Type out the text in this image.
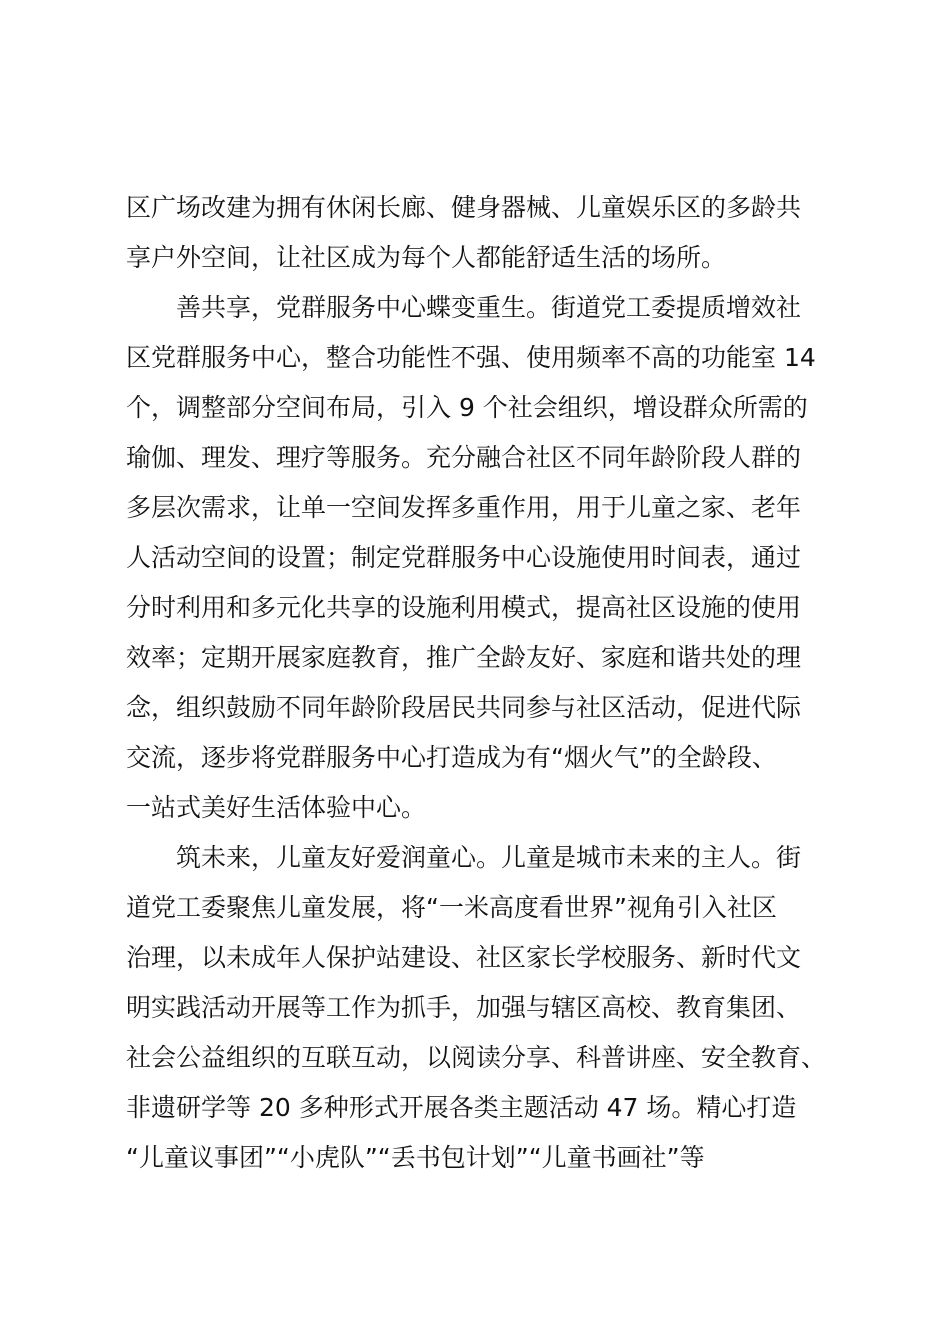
区广场改建为拥有休闲长廊、健身器械、儿童娱乐区的多龄共
享户外空间，让社区成为每个人都能舒适生活的场所。
善共享，党群服务中心蝶变重生。街道党工委提质增效社
区党群服务中心，整合功能性不强、使用频率不高的功能室 14
个，调整部分空间布局，引入 9 个社会组织，增设群众所需的
瑜伽、理发、理疗等服务。充分融合社区不同年龄阶段人群的
多层次需求，让单一空间发挥多重作用，用于儿童之家、老年
人活动空间的设置；制定党群服务中心设施使用时间表，通过
分时利用和多元化共享的设施利用模式，提高社区设施的使用
效率；定期开展家庭教育，推广全龄友好、家庭和谐共处的理
念，组织鼓励不同年龄阶段居民共同参与社区活动，促进代际
交流，逐步将党群服务中心打造成为有“烟火气”的全龄段、
一站式美好生活体验中心。
筑未来，儿童友好爱润童心。儿童是城市未来的主人。街
道党工委聚焦儿童发展，将“一米高度看世界”视角引入社区
治理，以未成年人保护站建设、社区家长学校服务、新时代文
明实践活动开展等工作为抓手，加强与辖区高校、教育集团、
社会公益组织的互联互动，以阅读分享、科普讲座、安全教育、
非遗研学等 20 多种形式开展各类主题活动 47 场。精心打造
“儿童议事团”“小虎队”“丢书包计划”“儿童书画社”等
